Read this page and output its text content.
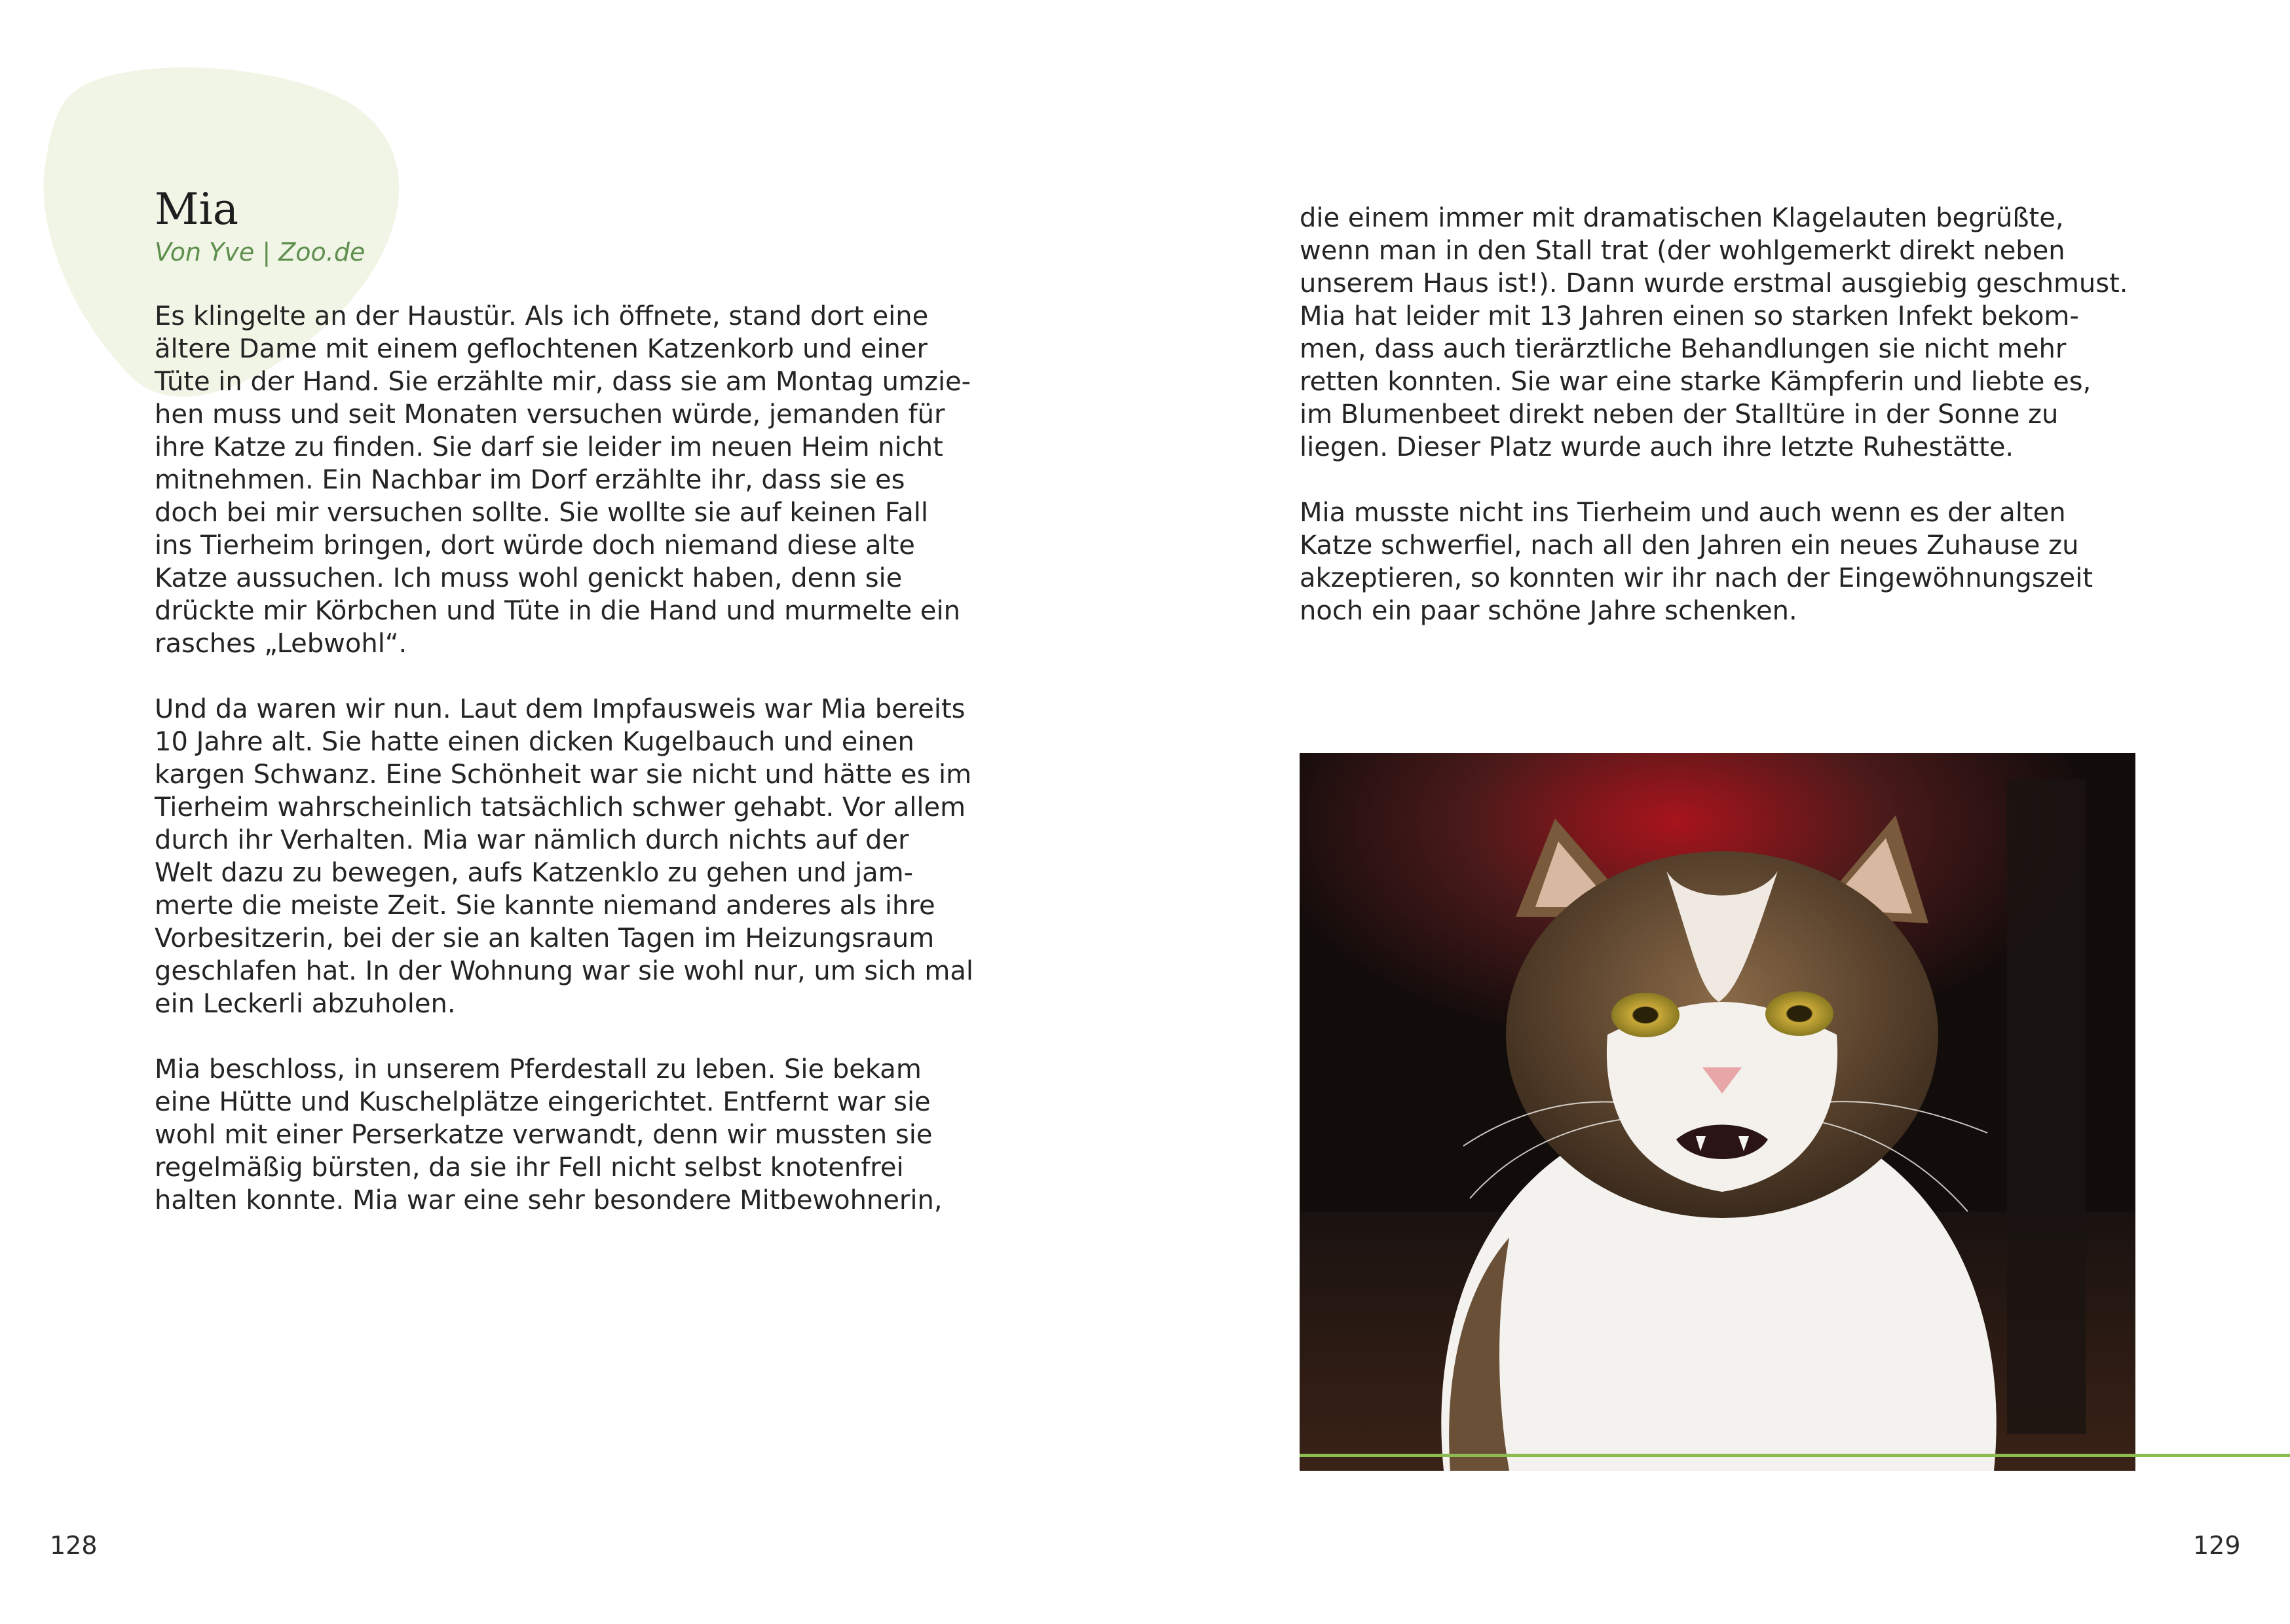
Mia
Von Yve | Zoo.de

Es klingelte an der Haustür. Als ich öffnete, stand dort eine
ältere Dame mit einem geflochtenen Katzenkorb und einer
Tüte in der Hand. Sie erzählte mir, dass sie am Montag umzie-
hen muss und seit Monaten versuchen würde, jemanden für
ihre Katze zu finden. Sie darf sie leider im neuen Heim nicht
mitnehmen. Ein Nachbar im Dorf erzählte ihr, dass sie es
doch bei mir versuchen sollte. Sie wollte sie auf keinen Fall
ins Tierheim bringen, dort würde doch niemand diese alte
Katze aussuchen. Ich muss wohl genickt haben, denn sie
drückte mir Körbchen und Tüte in die Hand und murmelte ein
rasches „Lebwohl“.

Und da waren wir nun. Laut dem Impfausweis war Mia bereits
10 Jahre alt. Sie hatte einen dicken Kugelbauch und einen
kargen Schwanz. Eine Schönheit war sie nicht und hätte es im
Tierheim wahrscheinlich tatsächlich schwer gehabt. Vor allem
durch ihr Verhalten. Mia war nämlich durch nichts auf der
Welt dazu zu bewegen, aufs Katzenklo zu gehen und jam-
merte die meiste Zeit. Sie kannte niemand anderes als ihre
Vorbesitzerin, bei der sie an kalten Tagen im Heizungsraum
geschlafen hat. In der Wohnung war sie wohl nur, um sich mal
ein Leckerli abzuholen.

Mia beschloss, in unserem Pferdestall zu leben. Sie bekam
eine Hütte und Kuschelplätze eingerichtet. Entfernt war sie
wohl mit einer Perserkatze verwandt, denn wir mussten sie
regelmäßig bürsten, da sie ihr Fell nicht selbst knotenfrei
halten konnte. Mia war eine sehr besondere Mitbewohnerin,

die einem immer mit dramatischen Klagelauten begrüßte,
wenn man in den Stall trat (der wohlgemerkt direkt neben
unserem Haus ist!). Dann wurde erstmal ausgiebig geschmust.
Mia hat leider mit 13 Jahren einen so starken Infekt bekom-
men, dass auch tierärztliche Behandlungen sie nicht mehr
retten konnten. Sie war eine starke Kämpferin und liebte es,
im Blumenbeet direkt neben der Stalltüre in der Sonne zu
liegen. Dieser Platz wurde auch ihre letzte Ruhestätte.

Mia musste nicht ins Tierheim und auch wenn es der alten
Katze schwerfiel, nach all den Jahren ein neues Zuhause zu
akzeptieren, so konnten wir ihr nach der Eingewöhnungszeit
noch ein paar schöne Jahre schenken.

128	129
